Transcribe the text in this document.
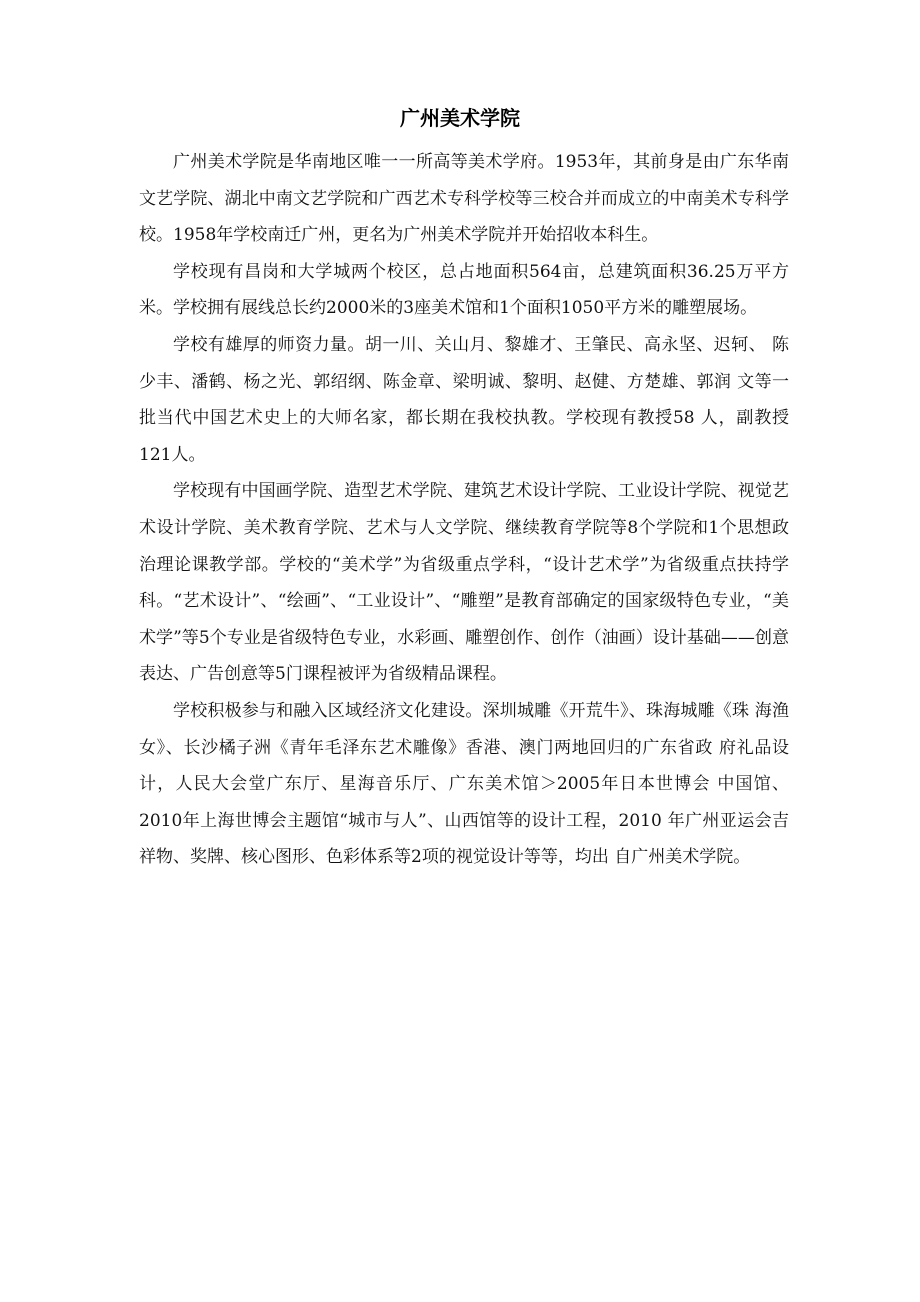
广州美术学院

广州美术学院是华南地区唯一一所高等美术学府。1953年，其前身是由广东华南文艺学院、湖北中南文艺学院和广西艺术专科学校等三校合并而成立的中南美术专科学校。1958年学校南迁广州，更名为广州美术学院并开始招收本科生。

学校现有昌岗和大学城两个校区，总占地面积564亩，总建筑面积36.25万平方米。学校拥有展线总长约2000米的3座美术馆和1个面积1050平方米的雕塑展场。

学校有雄厚的师资力量。胡一川、关山月、黎雄才、王肇民、高永坚、迟轲、 陈少丰、潘鹤、杨之光、郭绍纲、陈金章、梁明诚、黎明、赵健、方楚雄、郭润 文等一批当代中国艺术史上的大师名家，都长期在我校执教。学校现有教授58 人，副教授121人。

学校现有中国画学院、造型艺术学院、建筑艺术设计学院、工业设计学院、视觉艺术设计学院、美术教育学院、艺术与人文学院、继续教育学院等8个学院和1个思想政治理论课教学部。学校的“美术学”为省级重点学科，“设计艺术学”为省级重点扶持学科。“艺术设计”、“绘画”、“工业设计”、“雕塑”是教育部确定的国家级特色专业，“美术学”等5个专业是省级特色专业，水彩画、雕塑创作、创作（油画）设计基础——创意表达、广告创意等5门课程被评为省级精品课程。

学校积极参与和融入区域经济文化建设。深圳城雕《开荒牛》、珠海城雕《珠 海渔女》、长沙橘子洲《青年毛泽东艺术雕像》香港、澳门两地回归的广东省政 府礼品设计，人民大会堂广东厅、星海音乐厅、广东美术馆＞2005年日本世博会 中国馆、2010年上海世博会主题馆“城市与人”、山西馆等的设计工程，2010 年广州亚运会吉祥物、奖牌、核心图形、色彩体系等2项的视觉设计等等，均出 自广州美术学院。
